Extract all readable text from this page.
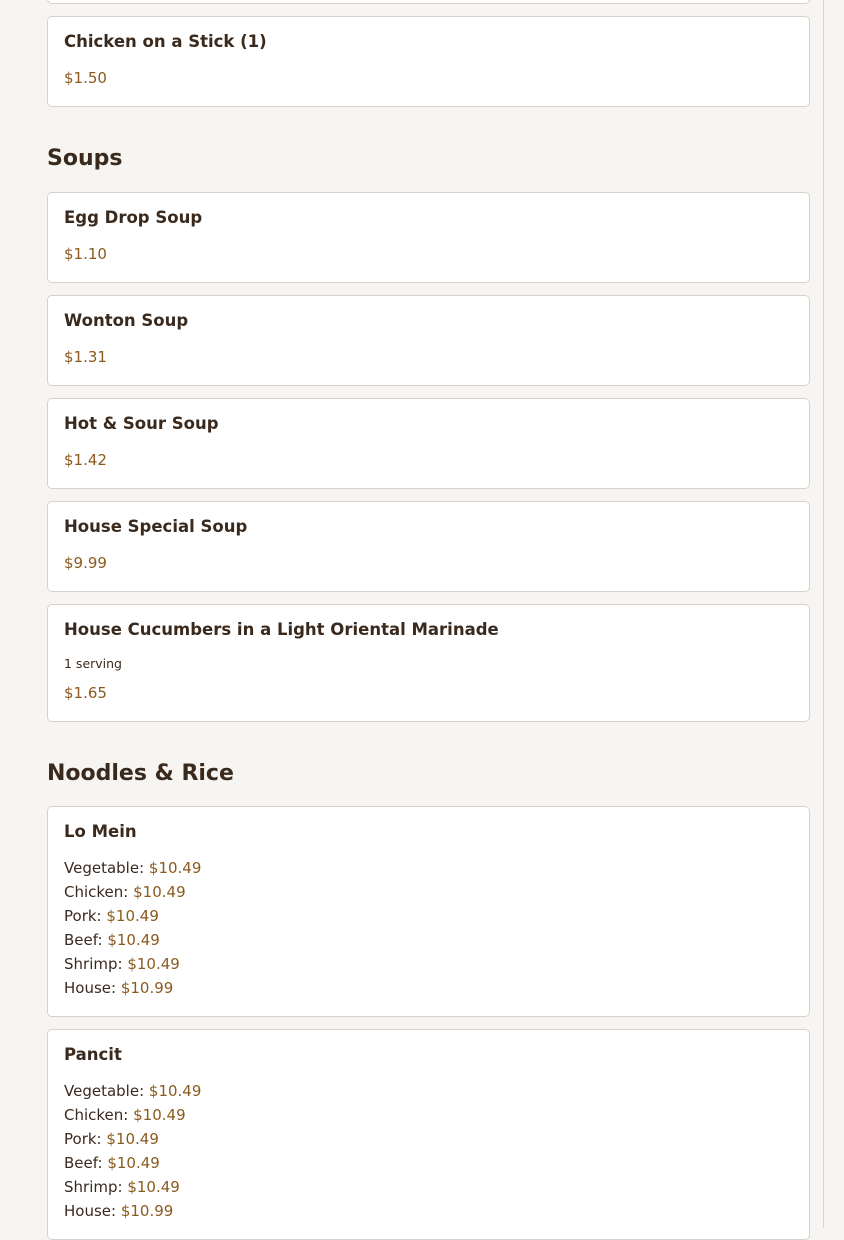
Chicken on a Stick (1)
$1.50
Soups
Egg Drop Soup
$1.10
Wonton Soup
$1.31
Hot & Sour Soup
$1.42
House Special Soup
$9.99
House Cucumbers in a Light Oriental Marinade
1 serving
$1.65
Noodles & Rice
Lo Mein
Vegetable: $10.49
Chicken: $10.49
Pork: $10.49
Beef: $10.49
Shrimp: $10.49
House: $10.99
Pancit
Vegetable: $10.49
Chicken: $10.49
Pork: $10.49
Beef: $10.49
Shrimp: $10.49
House: $10.99
